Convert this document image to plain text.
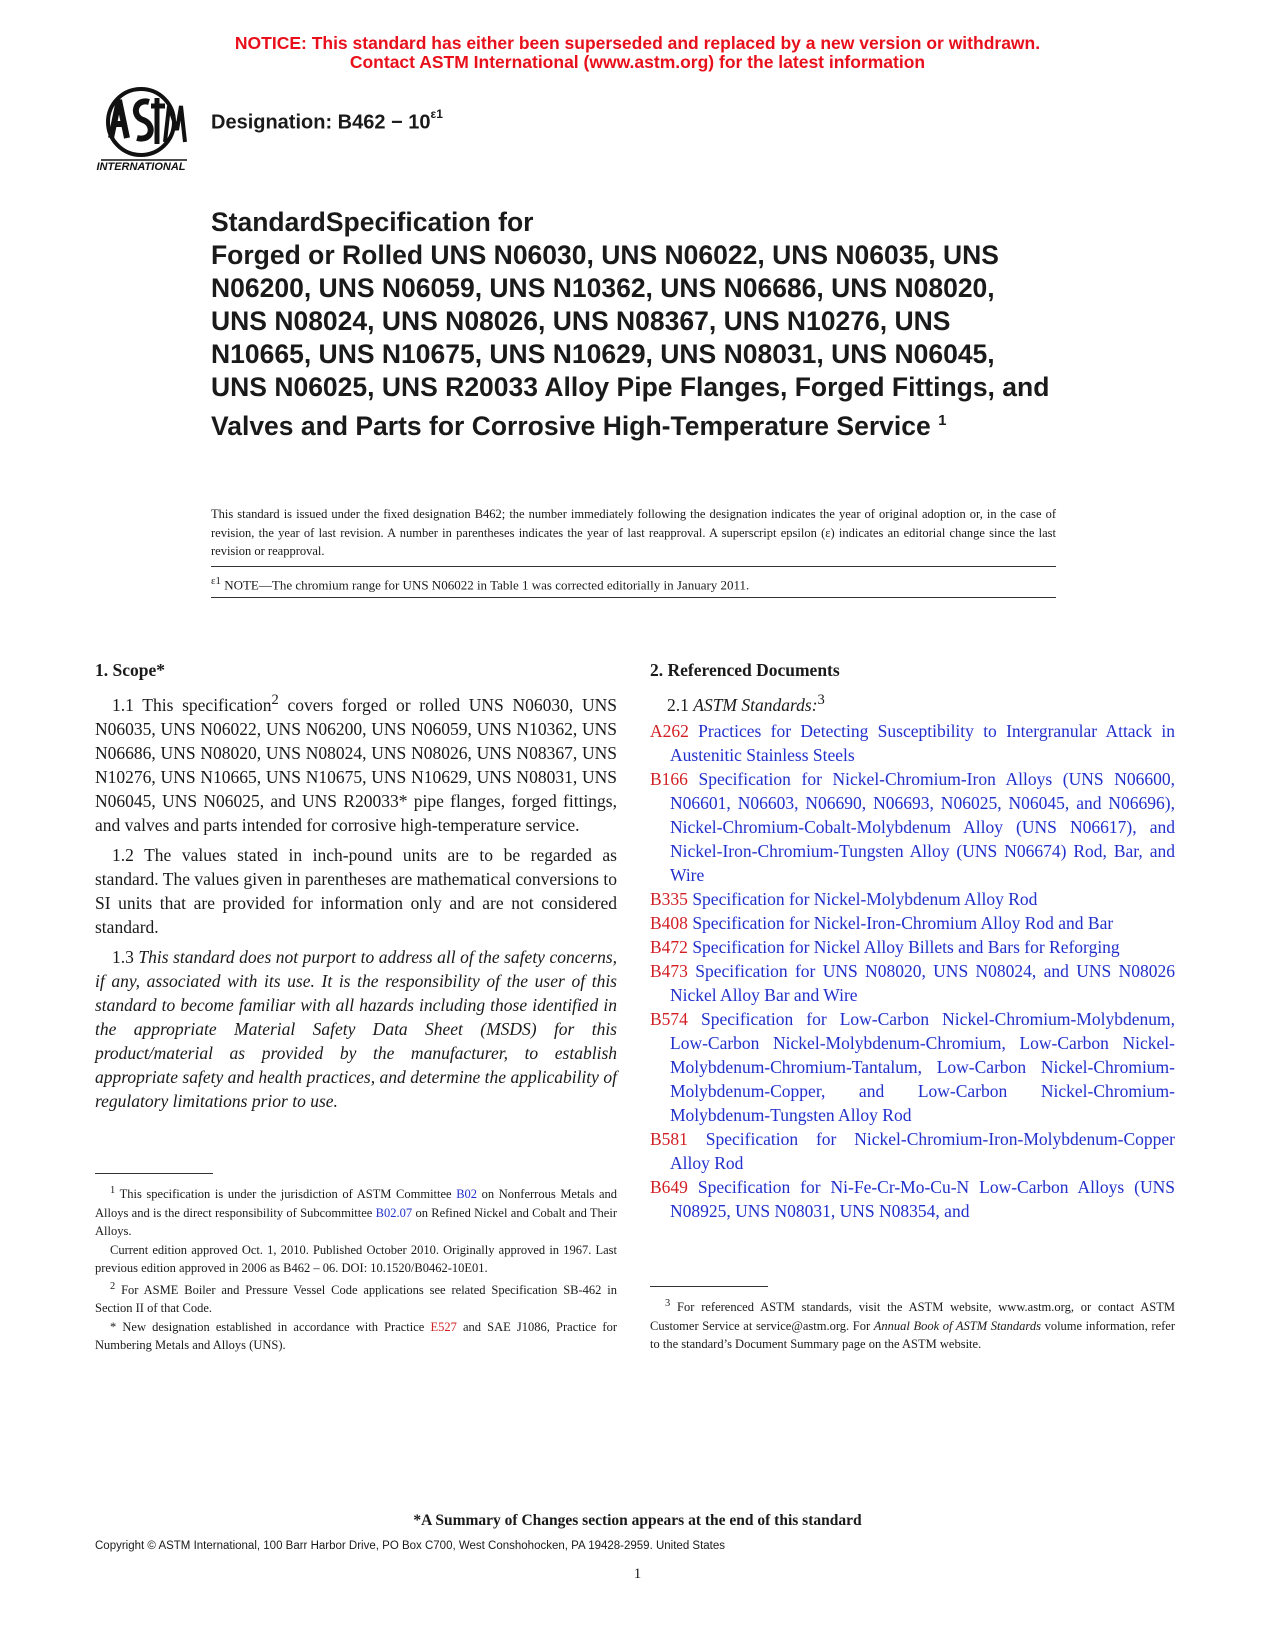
NOTICE: This standard has either been superseded and replaced by a new version or withdrawn.
Contact ASTM International (www.astm.org) for the latest information
INTERNATIONAL
Designation: $B462 - 10^{\varepsilon 1}$
StandardSpecification for
Forged or Rolled UNS N06030, UNS N06022, UNS N06035, UNS N06200, UNS N06059, UNS N10362, UNS N06686, UNS N08020, UNS N08024, UNS N08026, UNS N08367, UNS N10276, UNS N10665, UNS N10675, UNS N10629, UNS N08031, UNS N06045, UNS N06025, UNS R20033 Alloy Pipe Flanges, Forged Fittings, and Valves and Parts for Corrosive High-Temperature Service $^1$
This standard is issued under the fixed designation B462; the number immediately following the designation indicates the year of original adoption or, in the case of revision, the year of last revision. A number in parentheses indicates the year of last reapproval. A superscript epsilon (ε) indicates an editorial change since the last revision or reapproval.
$^{\varepsilon 1}$ NOTE—The chromium range for UNS N06022 in Table 1 was corrected editorially in January 2011.
1. Scope*

1.1 This specification$^2$ covers forged or rolled UNS N06030, UNS N06035, UNS N06022, UNS N06200, UNS N06059, UNS N10362, UNS N06686, UNS N08020, UNS N08024, UNS N08026, UNS N08367, UNS N10276, UNS N10665, UNS N10675, UNS N10629, UNS N08031, UNS N06045, UNS N06025, and UNS R20033* pipe flanges, forged fittings, and valves and parts intended for corrosive high-temperature service.

1.2 The values stated in inch-pound units are to be regarded as standard. The values given in parentheses are mathematical conversions to SI units that are provided for information only and are not considered standard.

1.3 This standard does not purport to address all of the safety concerns, if any, associated with its use. It is the responsibility of the user of this standard to become familiar with all hazards including those identified in the appropriate Material Safety Data Sheet (MSDS) for this product/material as provided by the manufacturer, to establish appropriate safety and health practices, and determine the applicability of regulatory limitations prior to use.

2. Referenced Documents

2.1 ASTM Standards:$^3$

A262 Practices for Detecting Susceptibility to Intergranular Attack in Austenitic Stainless Steels

B166 Specification for Nickel-Chromium-Iron Alloys (UNS N06600, N06601, N06603, N06690, N06693, N06025, N06045, and N06696), Nickel-Chromium-Cobalt-Molybdenum Alloy (UNS N06617), and Nickel-Iron-Chromium-Tungsten Alloy (UNS N06674) Rod, Bar, and Wire

B335 Specification for Nickel-Molybdenum Alloy Rod

B408 Specification for Nickel-Iron-Chromium Alloy Rod and Bar

B472 Specification for Nickel Alloy Billets and Bars for Reforging

B473 Specification for UNS N08020, UNS N08024, and UNS N08026 Nickel Alloy Bar and Wire

B574 Specification for Low-Carbon Nickel-Chromium-Molybdenum, Low-Carbon Nickel-Molybdenum-Chromium, Low-Carbon Nickel-Molybdenum-Chromium-Tantalum, Low-Carbon Nickel-Chromium-Molybdenum-Copper, and Low-Carbon Nickel-Chromium-Molybdenum-Tungsten Alloy Rod

B581 Specification for Nickel-Chromium-Iron-Molybdenum-Copper Alloy Rod

B649 Specification for Ni-Fe-Cr-Mo-Cu-N Low-Carbon Alloys (UNS N08925, UNS N08031, UNS N08354, and

$^1$ This specification is under the jurisdiction of ASTM Committee B02 on Nonferrous Metals and Alloys and is the direct responsibility of Subcommittee B02.07 on Refined Nickel and Cobalt and Their Alloys.

Current edition approved Oct. 1, 2010. Published October 2010. Originally approved in 1967. Last previous edition approved in 2006 as B462 – 06. DOI: 10.1520/B0462-10E01.

$^2$ For ASME Boiler and Pressure Vessel Code applications see related Specification SB-462 in Section II of that Code.

* New designation established in accordance with Practice E527 and SAE J1086, Practice for Numbering Metals and Alloys (UNS).

$^3$ For referenced ASTM standards, visit the ASTM website, www.astm.org, or contact ASTM Customer Service at service@astm.org. For Annual Book of ASTM Standards volume information, refer to the standard’s Document Summary page on the ASTM website.

*A Summary of Changes section appears at the end of this standard
Copyright © ASTM International, 100 Barr Harbor Drive, PO Box C700, West Conshohocken, PA 19428-2959. United States
1
